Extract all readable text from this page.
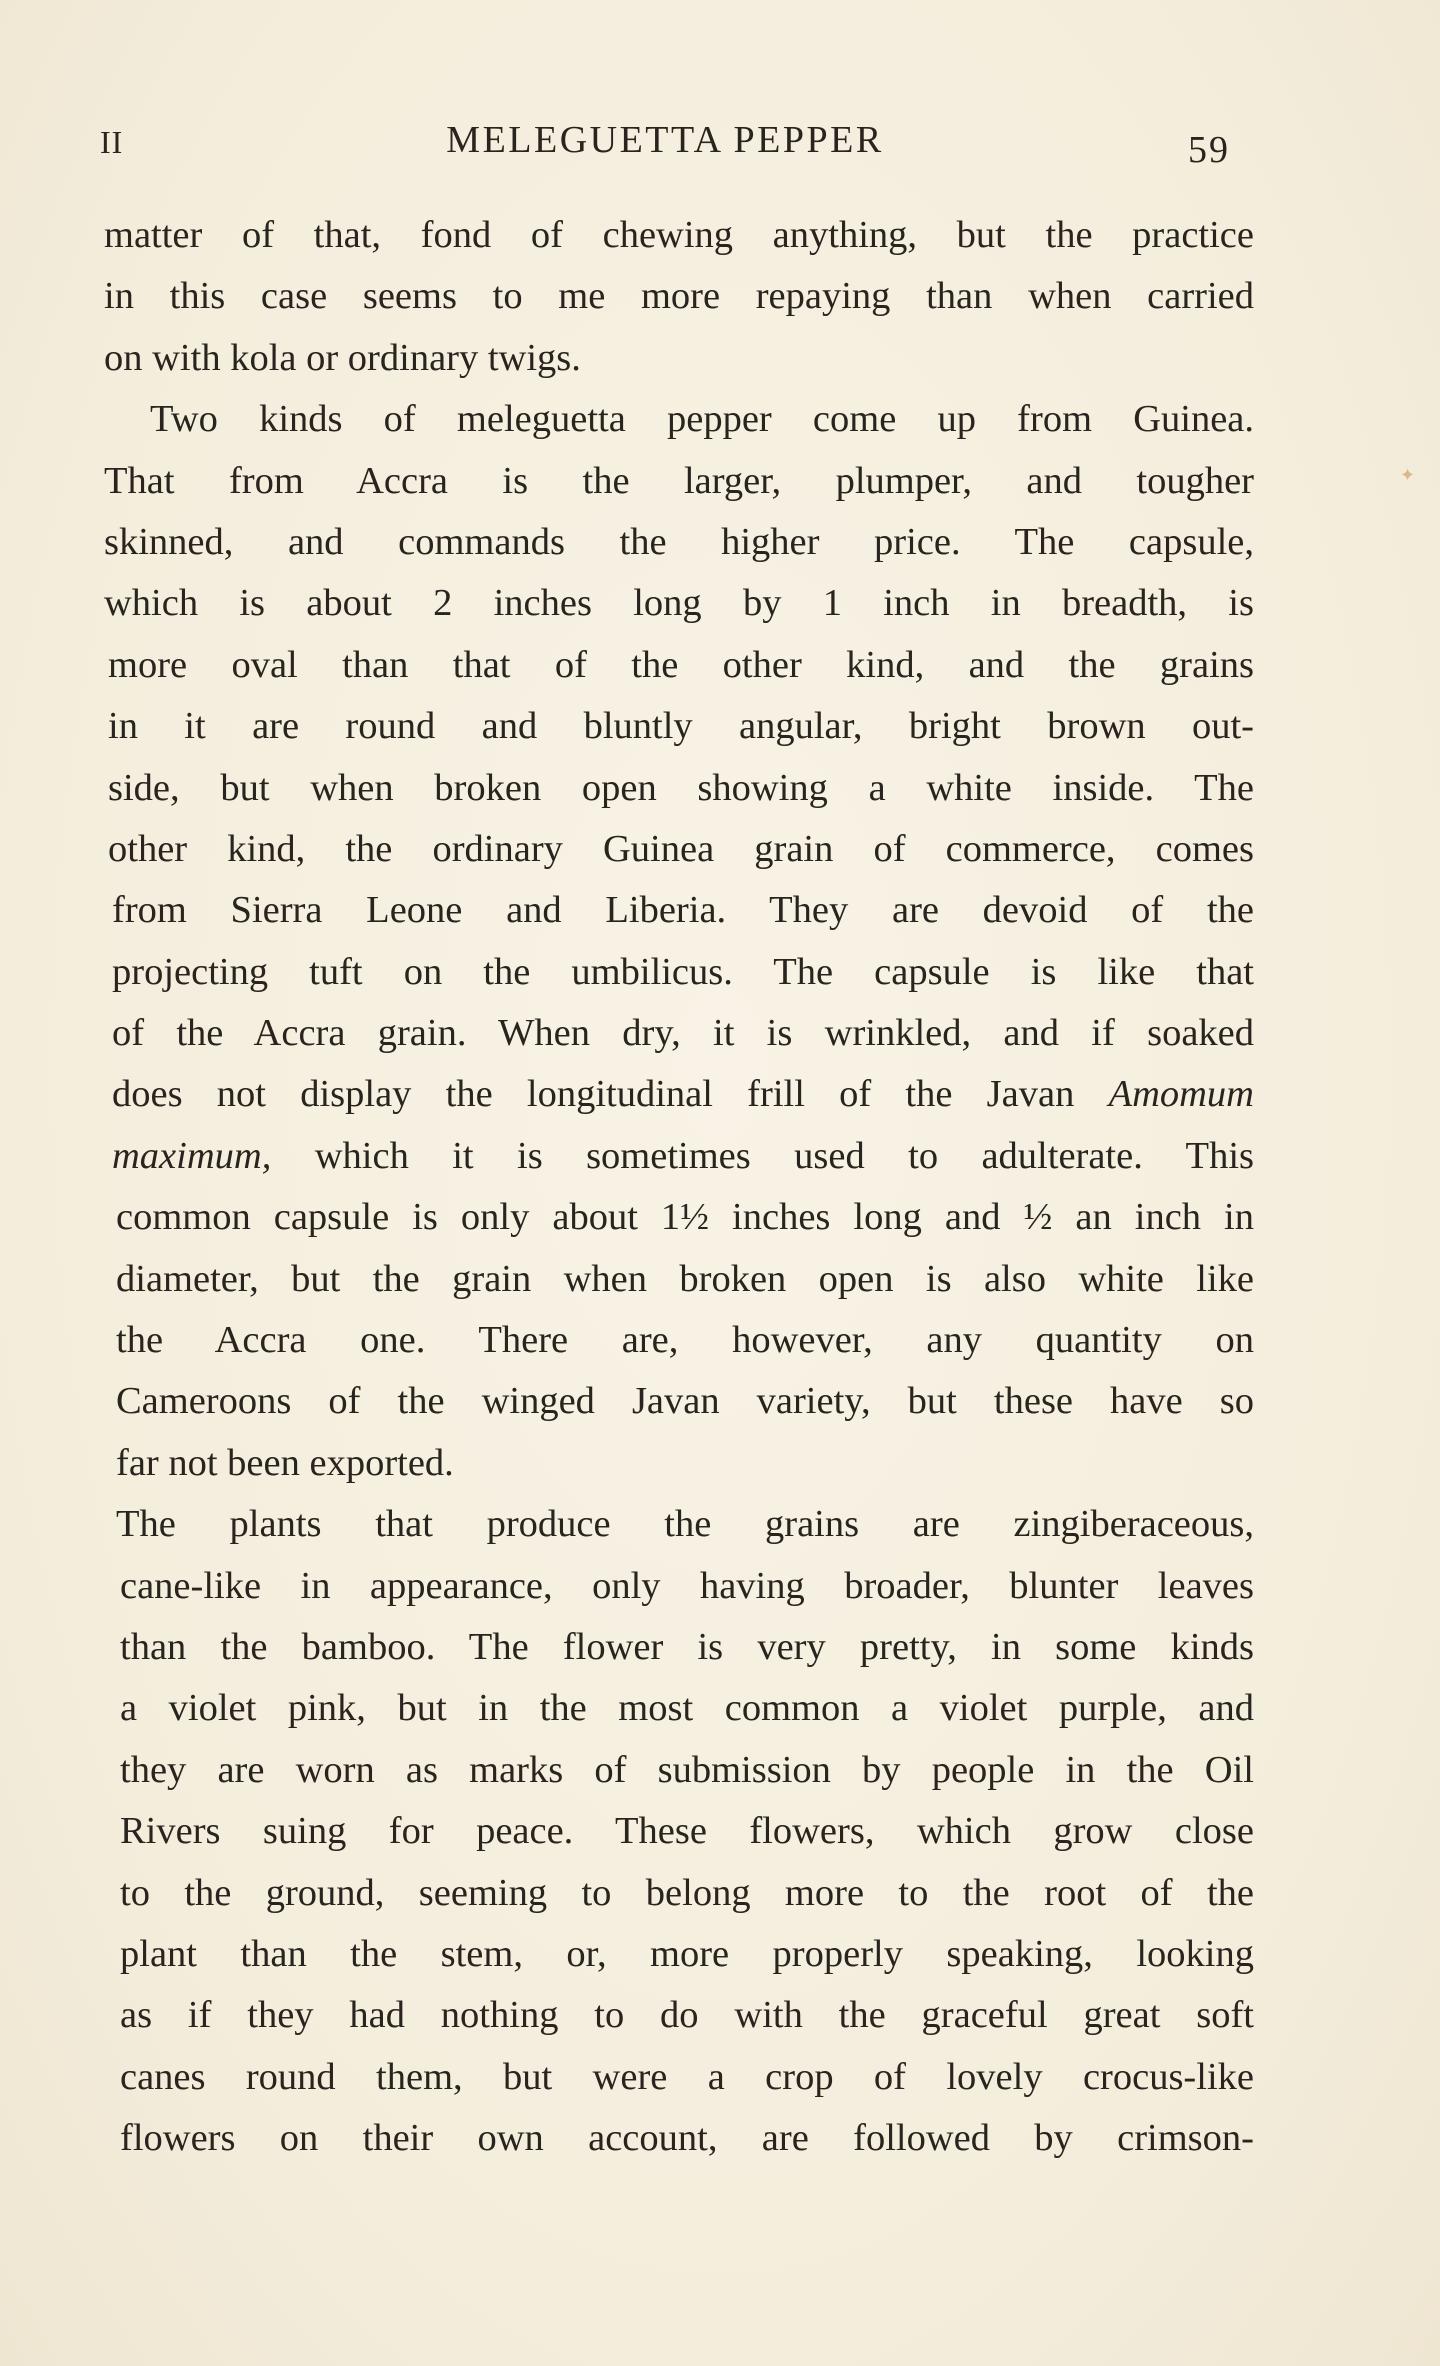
II	MELEGUETTA PEPPER	59
matter of that, fond of chewing anything, but the practice
in this case seems to me more repaying than when carried
on with kola or ordinary twigs.
Two kinds of meleguetta pepper come up from Guinea.
That from Accra is the larger, plumper, and tougher
skinned, and commands the higher price. The capsule,
which is about 2 inches long by 1 inch in breadth, is
more oval than that of the other kind, and the grains
in it are round and bluntly angular, bright brown out-
side, but when broken open showing a white inside. The
other kind, the ordinary Guinea grain of commerce, comes
from Sierra Leone and Liberia. They are devoid of the
projecting tuft on the umbilicus. The capsule is like that
of the Accra grain. When dry, it is wrinkled, and if soaked
does not display the longitudinal frill of the Javan Amomum
maximum, which it is sometimes used to adulterate. This
common capsule is only about 1½ inches long and ½ an inch in
diameter, but the grain when broken open is also white like
the Accra one. There are, however, any quantity on
Cameroons of the winged Javan variety, but these have so
far not been exported.
The plants that produce the grains are zingiberaceous,
cane-like in appearance, only having broader, blunter leaves
than the bamboo. The flower is very pretty, in some kinds
a violet pink, but in the most common a violet purple, and
they are worn as marks of submission by people in the Oil
Rivers suing for peace. These flowers, which grow close
to the ground, seeming to belong more to the root of the
plant than the stem, or, more properly speaking, looking
as if they had nothing to do with the graceful great soft
canes round them, but were a crop of lovely crocus-like
flowers on their own account, are followed by crimson-
✦
